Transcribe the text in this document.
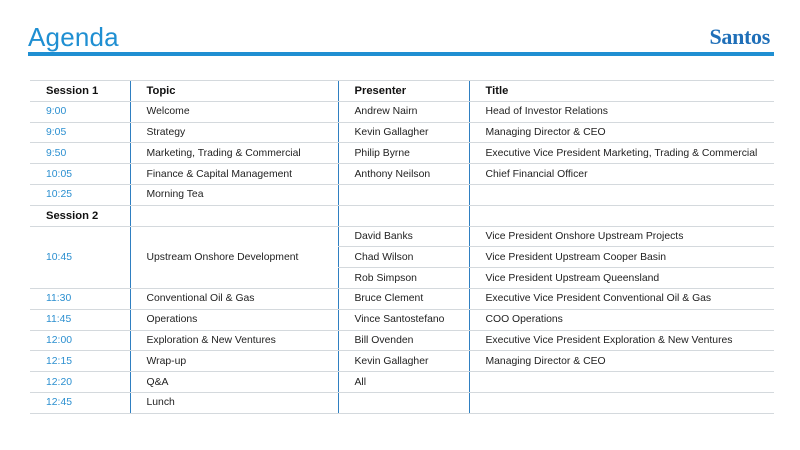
Agenda	Santos
Session 1	Topic	Presenter	Title
9:00	Welcome	Andrew Nairn	Head of Investor Relations
9:05	Strategy	Kevin Gallagher	Managing Director & CEO
9:50	Marketing, Trading & Commercial	Philip Byrne	Executive Vice President Marketing, Trading & Commercial
10:05	Finance & Capital Management	Anthony Neilson	Chief Financial Officer
10:25	Morning Tea		
Session 2			
10:45	Upstream Onshore Development	David Banks	Vice President Onshore Upstream Projects
		Chad Wilson	Vice President Upstream Cooper Basin
		Rob Simpson	Vice President Upstream Queensland
11:30	Conventional Oil & Gas	Bruce Clement	Executive Vice President Conventional Oil & Gas
11:45	Operations	Vince Santostefano	COO Operations
12:00	Exploration & New Ventures	Bill Ovenden	Executive Vice President Exploration & New Ventures
12:15	Wrap-up	Kevin Gallagher	Managing Director & CEO
12:20	Q&A	All	
12:45	Lunch		
